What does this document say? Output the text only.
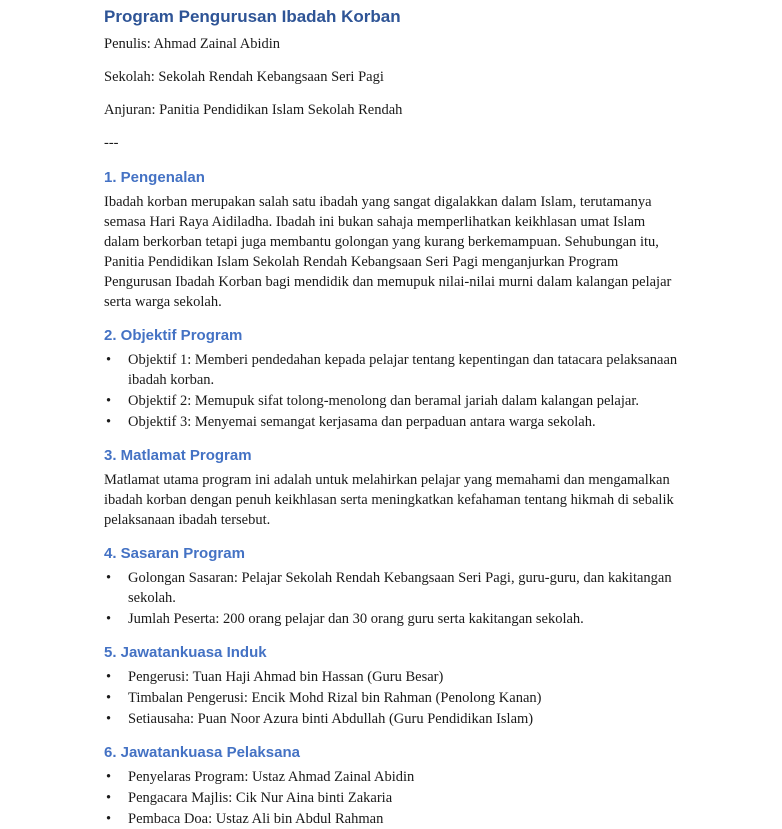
Program Pengurusan Ibadah Korban

Penulis: Ahmad Zainal Abidin

Sekolah: Sekolah Rendah Kebangsaan Seri Pagi

Anjuran: Panitia Pendidikan Islam Sekolah Rendah

---
1. Pengenalan

Ibadah korban merupakan salah satu ibadah yang sangat digalakkan dalam Islam, terutamanya semasa Hari Raya Aidiladha. Ibadah ini bukan sahaja memperlihatkan keikhlasan umat Islam dalam berkorban tetapi juga membantu golongan yang kurang berkemampuan. Sehubungan itu, Panitia Pendidikan Islam Sekolah Rendah Kebangsaan Seri Pagi menganjurkan Program Pengurusan Ibadah Korban bagi mendidik dan memupuk nilai-nilai murni dalam kalangan pelajar serta warga sekolah.

2. Objektif Program
• Objektif 1: Memberi pendedahan kepada pelajar tentang kepentingan dan tatacara pelaksanaan ibadah korban.
• Objektif 2: Memupuk sifat tolong-menolong dan beramal jariah dalam kalangan pelajar.
• Objektif 3: Menyemai semangat kerjasama dan perpaduan antara warga sekolah.
3. Matlamat Program

Matlamat utama program ini adalah untuk melahirkan pelajar yang memahami dan mengamalkan ibadah korban dengan penuh keikhlasan serta meningkatkan kefahaman tentang hikmah di sebalik pelaksanaan ibadah tersebut.

4. Sasaran Program
• Golongan Sasaran: Pelajar Sekolah Rendah Kebangsaan Seri Pagi, guru-guru, dan kakitangan sekolah.
• Jumlah Peserta: 200 orang pelajar dan 30 orang guru serta kakitangan sekolah.
5. Jawatankuasa Induk
• Pengerusi: Tuan Haji Ahmad bin Hassan (Guru Besar)
• Timbalan Pengerusi: Encik Mohd Rizal bin Rahman (Penolong Kanan)
• Setiausaha: Puan Noor Azura binti Abdullah (Guru Pendidikan Islam)
6. Jawatankuasa Pelaksana
• Penyelaras Program: Ustaz Ahmad Zainal Abidin
• Pengacara Majlis: Cik Nur Aina binti Zakaria
• Pembaca Doa: Ustaz Ali bin Abdul Rahman
